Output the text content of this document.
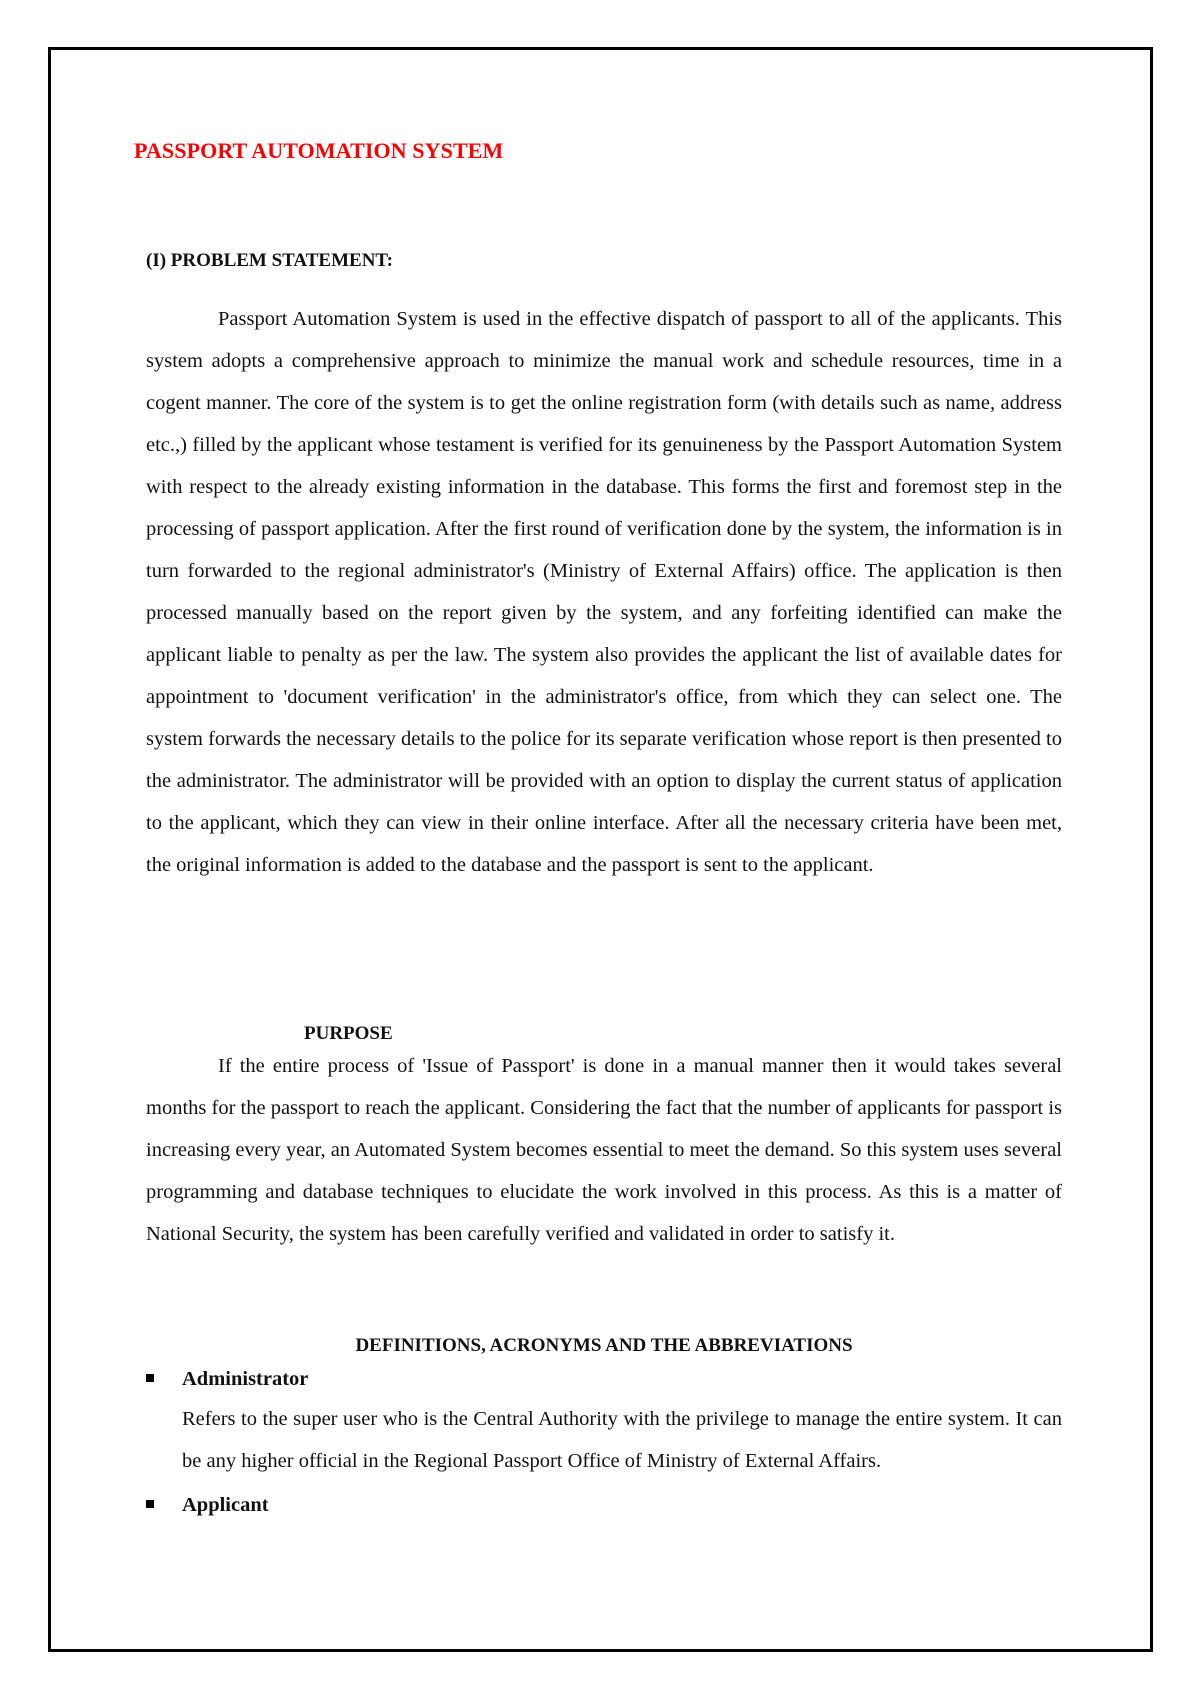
PASSPORT AUTOMATION SYSTEM
(I) PROBLEM STATEMENT:

Passport Automation System is used in the effective dispatch of passport to all of the applicants. This system adopts a comprehensive approach to minimize the manual work and schedule resources, time in a cogent manner. The core of the system is to get the online registration form (with details such as name, address etc.,) filled by the applicant whose testament is verified for its genuineness by the Passport Automation System with respect to the already existing information in the database. This forms the first and foremost step in the processing of passport application. After the first round of verification done by the system, the information is in turn forwarded to the regional administrator's (Ministry of External Affairs) office. The application is then processed manually based on the report given by the system, and any forfeiting identified can make the applicant liable to penalty as per the law. The system also provides the applicant the list of available dates for appointment to 'document verification' in the administrator's office, from which they can select one. The system forwards the necessary details to the police for its separate verification whose report is then presented to the administrator. The administrator will be provided with an option to display the current status of application to the applicant, which they can view in their online interface. After all the necessary criteria have been met, the original information is added to the database and the passport is sent to the applicant.

PURPOSE

If the entire process of 'Issue of Passport' is done in a manual manner then it would takes several months for the passport to reach the applicant. Considering the fact that the number of applicants for passport is increasing every year, an Automated System becomes essential to meet the demand. So this system uses several programming and database techniques to elucidate the work involved in this process. As this is a matter of National Security, the system has been carefully verified and validated in order to satisfy it.

DEFINITIONS, ACRONYMS AND THE ABBREVIATIONS
Administrator
Refers to the super user who is the Central Authority with the privilege to manage the entire system. It can be any higher official in the Regional Passport Office of Ministry of External Affairs.
Applicant
